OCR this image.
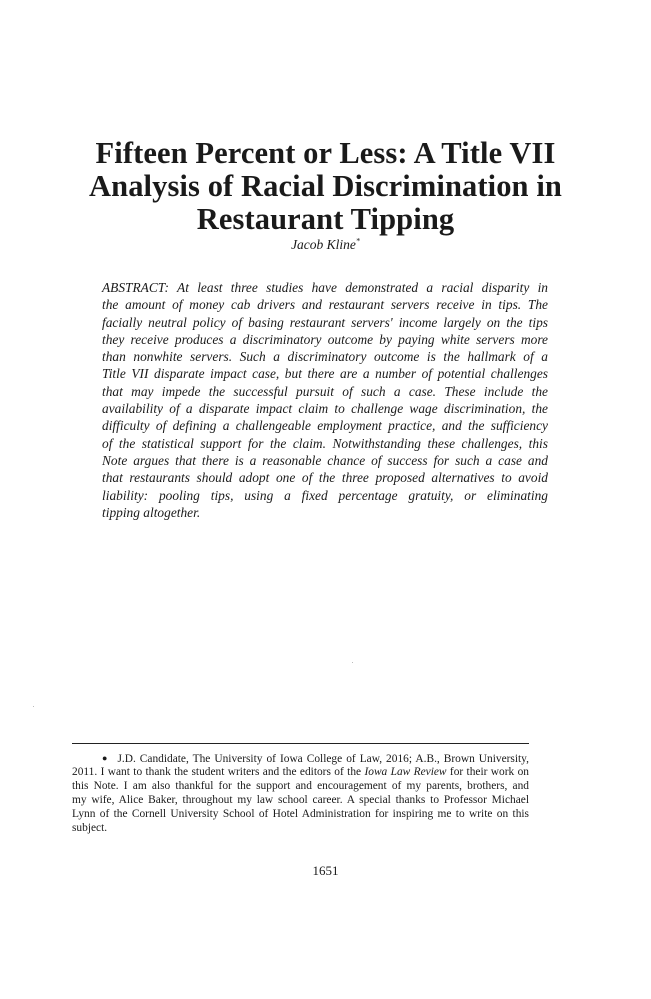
Fifteen Percent or Less: A Title VII
Analysis of Racial Discrimination in
Restaurant Tipping
Jacob Kline*
ABSTRACT: At least three studies have demonstrated a racial disparity in
the amount of money cab drivers and restaurant servers receive in tips. The
facially neutral policy of basing restaurant servers' income largely on the tips
they receive produces a discriminatory outcome by paying white servers more
than nonwhite servers. Such a discriminatory outcome is the hallmark of a
Title VII disparate impact case, but there are a number of potential challenges
that may impede the successful pursuit of such a case. These include the
availability of a disparate impact claim to challenge wage discrimination, the
difficulty of defining a challengeable employment practice, and the sufficiency
of the statistical support for the claim. Notwithstanding these challenges, this
Note argues that there is a reasonable chance of success for such a case and
that restaurants should adopt one of the three proposed alternatives to avoid
liability: pooling tips, using a fixed percentage gratuity, or eliminating
tipping altogether.
● J.D. Candidate, The University of Iowa College of Law, 2016; A.B., Brown University,
2011. I want to thank the student writers and the editors of the Iowa Law Review for their work on
this Note. I am also thankful for the support and encouragement of my parents, brothers, and
my wife, Alice Baker, throughout my law school career. A special thanks to Professor Michael
Lynn of the Cornell University School of Hotel Administration for inspiring me to write on this
subject.
1651
